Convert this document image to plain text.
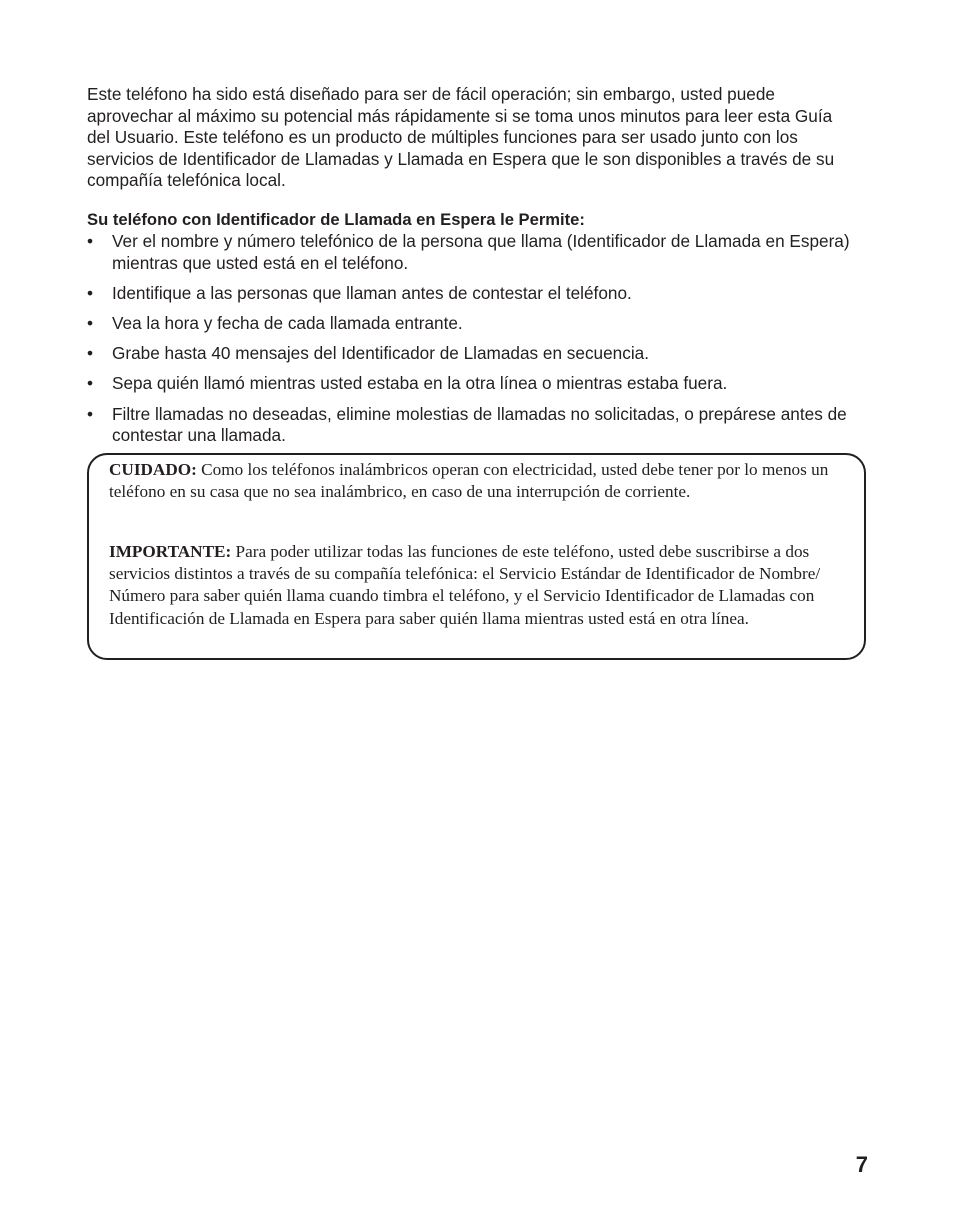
Este teléfono ha sido está diseñado para ser de fácil operación; sin embargo, usted puede aprovechar al máximo su potencial más rápidamente si se toma unos minutos para leer esta Guía del Usuario. Este teléfono es un producto de múltiples funciones para ser usado junto con los servicios de Identificador de Llamadas y Llamada en Espera que le son disponibles a través de su compañía telefónica local.

Su teléfono con Identificador de Llamada en Espera le Permite:

• Ver el nombre y número telefónico de la persona que llama (Identificador de Llamada en Espera) mientras que usted está en el teléfono.
• Identifique a las personas que llaman antes de contestar el teléfono.
• Vea la hora y fecha de cada llamada entrante.
• Grabe hasta 40 mensajes del Identificador de Llamadas en secuencia.
• Sepa quién llamó mientras usted estaba en la otra línea o mientras estaba fuera.
• Filtre llamadas no deseadas, elimine molestias de llamadas no solicitadas, o prepárese antes de contestar una llamada.

CUIDADO: Como los teléfonos inalámbricos operan con electricidad, usted debe tener por lo menos un teléfono en su casa que no sea inalámbrico, en caso de una interrupción de corriente.

IMPORTANTE: Para poder utilizar todas las funciones de este teléfono, usted debe suscribirse a dos servicios distintos a través de su compañía telefónica: el Servicio Estándar de Identificador de Nombre/ Número para saber quién llama cuando timbra el teléfono, y el Servicio Identificador de Llamadas con Identificación de Llamada en Espera para saber quién llama mientras usted está en otra línea.

7
